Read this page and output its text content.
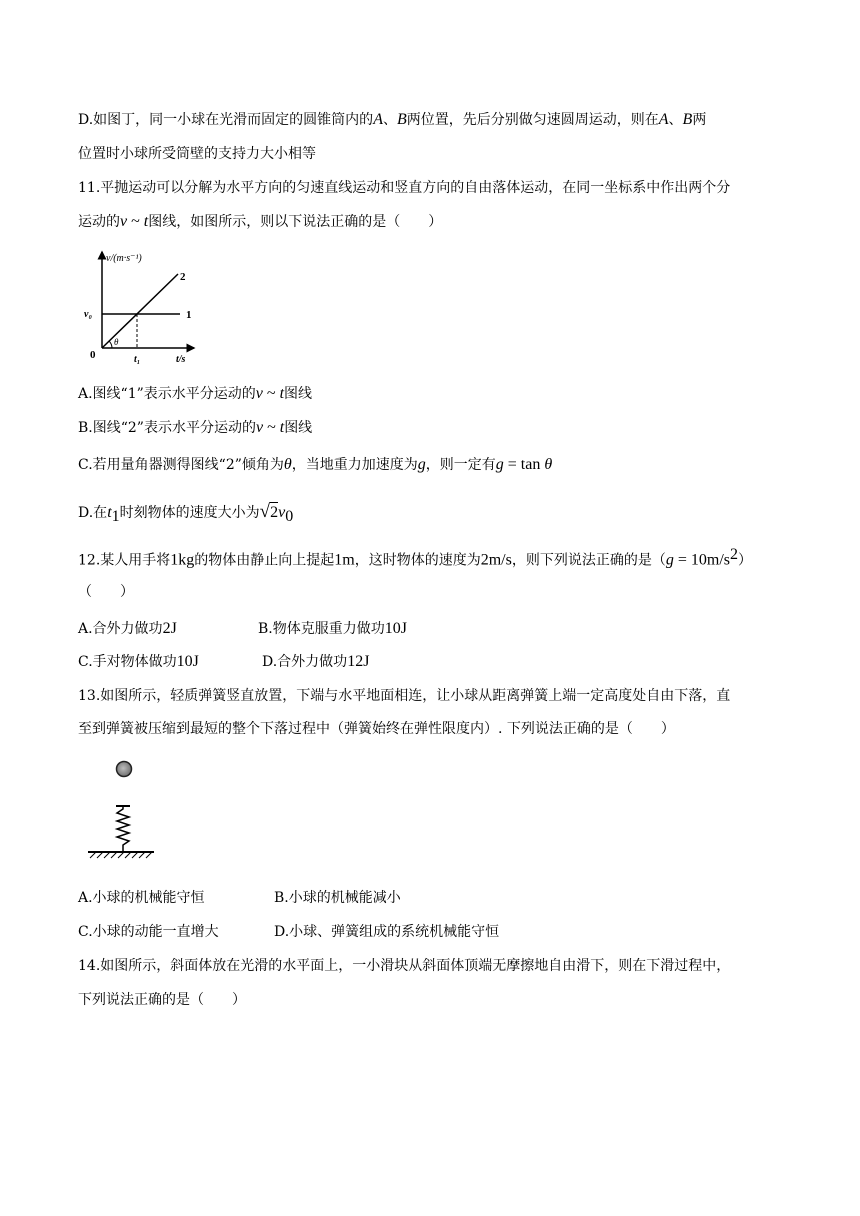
D.如图丁，同一小球在光滑而固定的圆锥筒内的A、B两位置，先后分别做匀速圆周运动，则在A、B两
位置时小球所受筒壁的支持力大小相等
11.平抛运动可以分解为水平方向的匀速直线运动和竖直方向的自由落体运动，在同一坐标系中作出两个分
运动的v ~ t图线，如图所示，则以下说法正确的是（　　）
v/(m·s⁻¹)
t/s
0
v₀
t₁
θ
1
2
A.图线“1”表示水平分运动的v ~ t图线
B.图线“2”表示水平分运动的v ~ t图线
C.若用量角器测得图线“2”倾角为θ，当地重力加速度为g，则一定有g = tan θ
D.在$t_1$时刻物体的速度大小为$√2v_0$
12.某人用手将1kg的物体由静止向上提起1m，这时物体的速度为2m/s，则下列说法正确的是$(g = 10m/s^2)$
（　　）
A.合外力做功2J	B.物体克服重力做功10J
C.手对物体做功10J	D.合外力做功12J
13.如图所示，轻质弹簧竖直放置，下端与水平地面相连，让小球从距离弹簧上端一定高度处自由下落，直
至到弹簧被压缩到最短的整个下落过程中（弹簧始终在弹性限度内）. 下列说法正确的是（　　）
A.小球的机械能守恒	B.小球的机械能减小
C.小球的动能一直增大	D.小球、弹簧组成的系统机械能守恒
14.如图所示，斜面体放在光滑的水平面上，一小滑块从斜面体顶端无摩擦地自由滑下，则在下滑过程中，
下列说法正确的是（　　）
